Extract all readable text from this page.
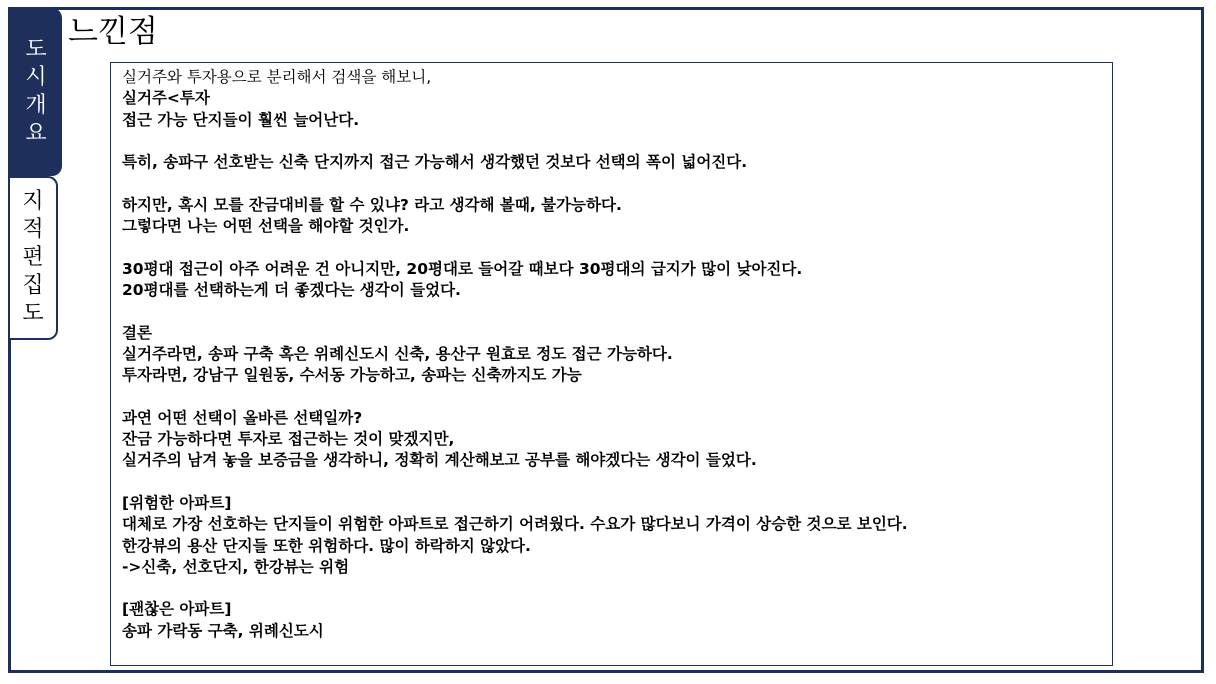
도
시
개
요
지
적
편
집
도
느낀점
실거주와 투자용으로 분리해서 검색을 해보니,
실거주<투자
접근 가능 단지들이 훨씬 늘어난다.
특히, 송파구 선호받는 신축 단지까지 접근 가능해서 생각했던 것보다 선택의 폭이 넓어진다.
하지만, 혹시 모를 잔금대비를 할 수 있냐? 라고 생각해 볼때, 불가능하다.
그렇다면 나는 어떤 선택을 해야할 것인가.
30평대 접근이 아주 어려운 건 아니지만, 20평대로 들어갈 때보다 30평대의 급지가 많이 낮아진다.
20평대를 선택하는게 더 좋겠다는 생각이 들었다.
결론
실거주라면, 송파 구축 혹은 위례신도시 신축, 용산구 원효로 정도 접근 가능하다.
투자라면, 강남구 일원동, 수서동 가능하고, 송파는 신축까지도 가능
과연 어떤 선택이 올바른 선택일까?
잔금 가능하다면 투자로 접근하는 것이 맞겠지만,
실거주의 남겨 놓을 보증금을 생각하니, 정확히 계산해보고 공부를 해야겠다는 생각이 들었다.
[위험한 아파트]
대체로 가장 선호하는 단지들이 위험한 아파트로 접근하기 어려웠다. 수요가 많다보니 가격이 상승한 것으로 보인다.
한강뷰의 용산 단지들 또한 위험하다. 많이 하락하지 않았다.
->신축, 선호단지, 한강뷰는 위험
[괜찮은 아파트]
송파 가락동 구축, 위례신도시
